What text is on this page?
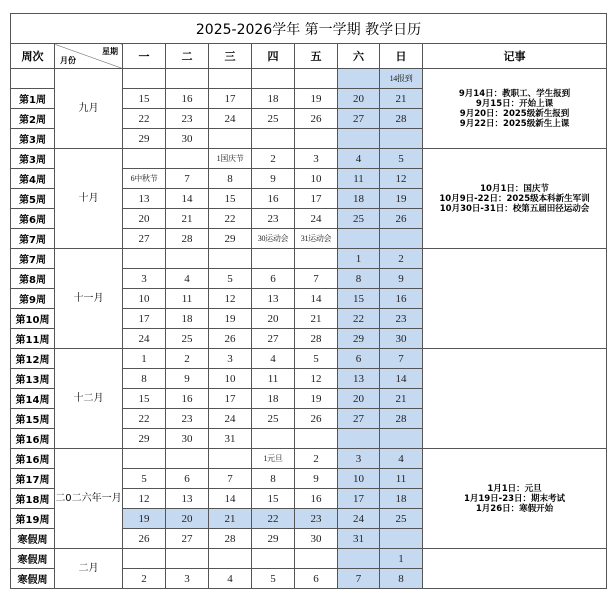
2025-2026学年 第一学期 教学日历									
周次	星期
月份	一	二	三	四	五	六	日	记事
	九月							14报到	9月14日：教职工、学生报到
9月15日：开始上课
9月20日：2025级新生报到
9月22日：2025级新生上课

第1周		15	16	17	18	19	20	21	
第2周		22	23	24	25	26	27	28	
第3周		29	30						
第3周	十月			1国庆节	2	3	4	5	10月1日：国庆节
10月9日-22日：2025级本科新生军训
10月30日-31日：校第五届田径运动会

第4周		6中秋节	7	8	9	10	11	12	
第5周		13	14	15	16	17	18	19	
第6周		20	21	22	23	24	25	26	
第7周		27	28	29	30运动会	31运动会			
第7周	十一月						1	2	
第8周		3	4	5	6	7	8	9	
第9周		10	11	12	13	14	15	16	
第10周		17	18	19	20	21	22	23	
第11周		24	25	26	27	28	29	30	
第12周	十二月	1	2	3	4	5	6	7	
第13周		8	9	10	11	12	13	14	
第14周		15	16	17	18	19	20	21	
第15周		22	23	24	25	26	27	28	
第16周		29	30	31					
第16周	二0二六年一月				1元旦	2	3	4	1月1日：元旦
1月19日-23日：期末考试
1月26日：寒假开始

第17周		5	6	7	8	9	10	11	
第18周		12	13	14	15	16	17	18	
第19周		19	20	21	22	23	24	25	
寒假周		26	27	28	29	30	31		
寒假周	二月							1	
寒假周		2	3	4	5	6	7	8	
